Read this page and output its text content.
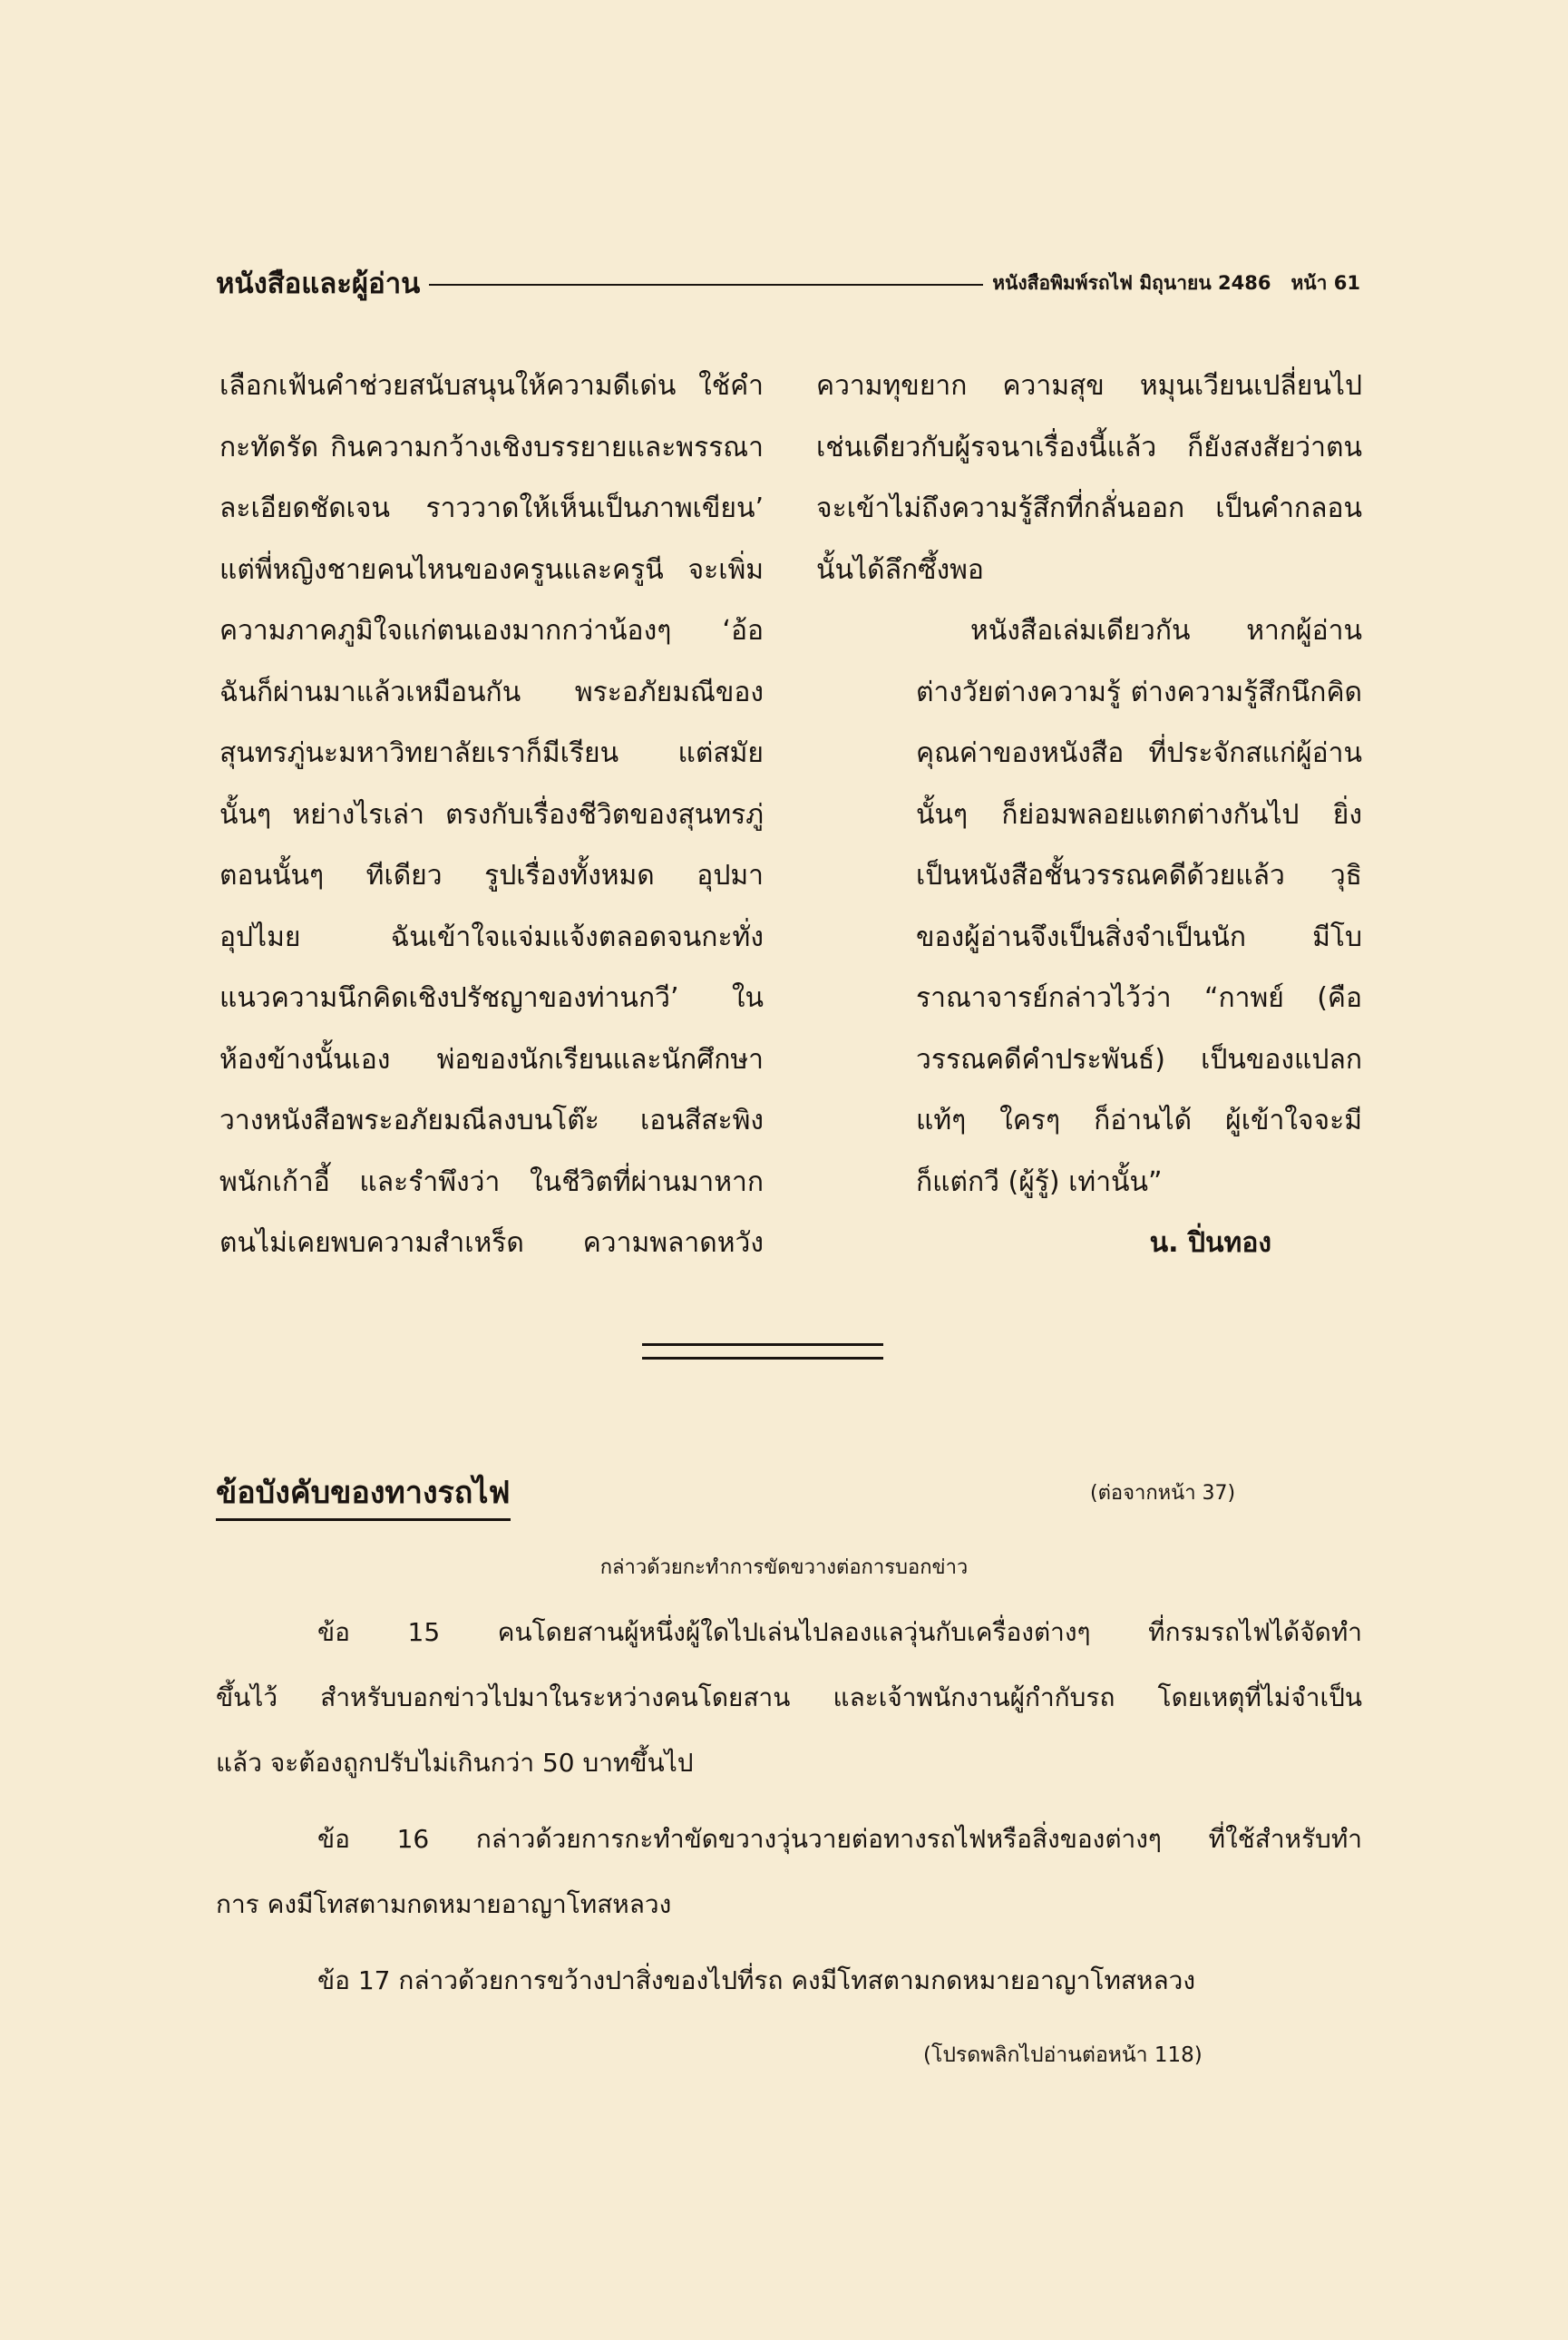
หนังสือและผู้อ่าน	หนังสือพิมพ์รถไฟ มิถุนายน 2486 หน้า 61
เลือกเฟ้นคำช่วยสนับสนุนให้ความดีเด่น ใช้คำ
กะทัดรัด กินความกว้างเชิงบรรยายและพรรณา
ละเอียดชัดเจน ราววาดให้เห็นเป็นภาพเขียน’
แต่พี่หญิงชายคนไหนของครูนและครูนี จะเพิ่ม
ความภาคภูมิใจแก่ตนเองมากกว่าน้องๆ ‘อ้อ
ฉันก็ผ่านมาแล้วเหมือนกัน พระอภัยมณีของ
สุนทรภู่นะมหาวิทยาลัยเราก็มีเรียน แต่สมัย
นั้นๆ หย่างไรเล่า ตรงกับเรื่องชีวิตของสุนทรภู่
ตอนนั้นๆ ทีเดียว รูปเรื่องทั้งหมด อุปมา
อุปไมย ฉันเข้าใจแจ่มแจ้งตลอดจนกะทั่ง
แนวความนึกคิดเชิงปรัชญาของท่านกวี’ ใน
ห้องข้างนั้นเอง พ่อของนักเรียนและนักศึกษา
วางหนังสือพระอภัยมณีลงบนโต๊ะ เอนสีสะพิง
พนักเก้าอี้ และรำพึงว่า ในชีวิตที่ผ่านมาหาก
ตนไม่เคยพบความสำเหร็ด ความพลาดหวัง
ความทุขยาก ความสุข หมุนเวียนเปลี่ยนไป
เช่นเดียวกับผู้รจนาเรื่องนี้แล้ว ก็ยังสงสัยว่าตน
จะเข้าไม่ถึงความรู้สึกที่กลั่นออก เป็นคำกลอน
นั้นได้ลึกซึ้งพอ
หนังสือเล่มเดียวกัน หากผู้อ่าน
ต่างวัยต่างความรู้ ต่างความรู้สึกนึกคิด
คุณค่าของหนังสือ ที่ประจักสแก่ผู้อ่าน
นั้นๆ ก็ย่อมพลอยแตกต่างกันไป ยิ่ง
เป็นหนังสือชั้นวรรณคดีด้วยแล้ว วุธิ
ของผู้อ่านจึงเป็นสิ่งจำเป็นนัก มีโบ
ราณาจารย์กล่าวไว้ว่า “กาพย์ (คือ
วรรณคดีคำประพันธ์) เป็นของแปลก
แท้ๆ ใครๆ ก็อ่านได้ ผู้เข้าใจจะมี
ก็แต่กวี (ผู้รู้) เท่านั้น”
น. ปิ่นทอง
ข้อบังคับของทางรถไฟ	(ต่อจากหน้า 37)
กล่าวด้วยกะทำการขัดขวางต่อการบอกข่าว
ข้อ 15 คนโดยสานผู้หนึ่งผู้ใดไปเล่นไปลองแลวุ่นกับเครื่องต่างๆ ที่กรมรถไฟได้จัดทำ
ขึ้นไว้ สำหรับบอกข่าวไปมาในระหว่างคนโดยสาน และเจ้าพนักงานผู้กำกับรถ โดยเหตุที่ไม่จำเป็น
แล้ว จะต้องถูกปรับไม่เกินกว่า 50 บาทขึ้นไป
ข้อ 16 กล่าวด้วยการกะทำขัดขวางวุ่นวายต่อทางรถไฟหรือสิ่งของต่างๆ ที่ใช้สำหรับทำ
การ คงมีโทสตามกดหมายอาญาโทสหลวง
ข้อ 17 กล่าวด้วยการขว้างปาสิ่งของไปที่รถ คงมีโทสตามกดหมายอาญาโทสหลวง
(โปรดพลิกไปอ่านต่อหน้า 118)
